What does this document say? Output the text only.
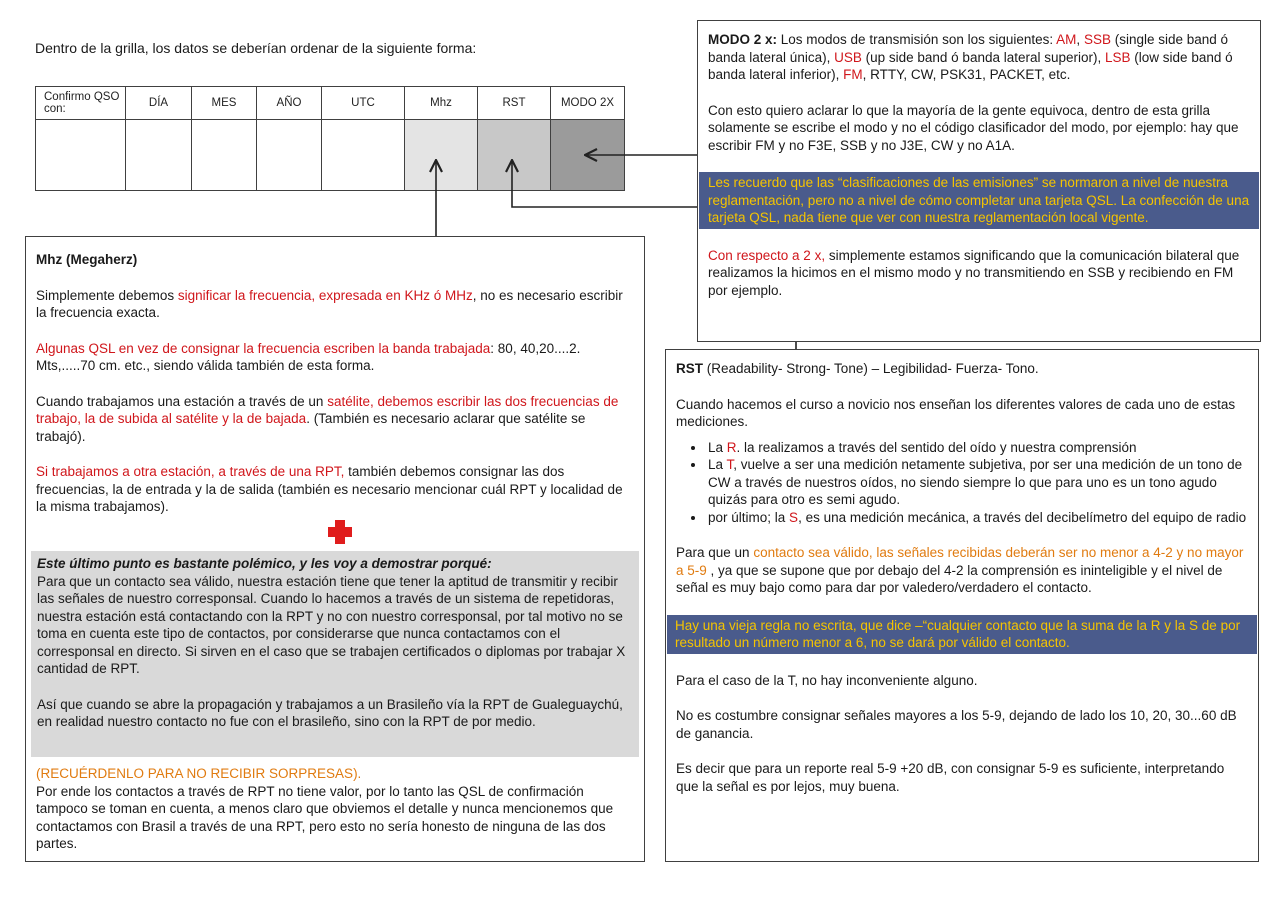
Dentro de la grilla, los datos se deberían ordenar de la siguiente forma:
Confirmo QSO con:	DÍA	MES	AÑO	UTC	Mhz	RST	MODO 2X

MODO 2 x: Los modos de transmisión son los siguientes: AM, SSB (single side band ó banda lateral única), USB (up side band ó banda lateral superior), LSB (low side band ó banda lateral inferior), FM, RTTY, CW, PSK31, PACKET, etc.

Con esto quiero aclarar lo que la mayoría de la gente equivoca, dentro de esta grilla solamente se escribe el modo y no el código clasificador del modo, por ejemplo: hay que escribir FM y no F3E, SSB y no J3E, CW y no A1A.

Les recuerdo que las “clasificaciones de las emisiones” se normaron a nivel de nuestra reglamentación, pero no a nivel de cómo completar una tarjeta QSL. La confección de una tarjeta QSL, nada tiene que ver con nuestra reglamentación local vigente.

Con respecto a 2 x, simplemente estamos significando que la comunicación bilateral que realizamos la hicimos en el mismo modo y no transmitiendo en SSB y recibiendo en FM por ejemplo.

Mhz (Megaherz)

Simplemente debemos significar la frecuencia, expresada en KHz ó MHz, no es necesario escribir la frecuencia exacta.

Algunas QSL en vez de consignar la frecuencia escriben la banda trabajada: 80, 40,20....2. Mts,.....70 cm. etc., siendo válida también de esta forma.

Cuando trabajamos una estación a través de un satélite, debemos escribir las dos frecuencias de trabajo, la de subida al satélite y la de bajada. (También es necesario aclarar que satélite se trabajó).

Si trabajamos a otra estación, a través de una RPT, también debemos consignar las dos frecuencias, la de entrada y la de salida (también es necesario mencionar cuál RPT y localidad de la misma trabajamos).

Este último punto es bastante polémico, y les voy a demostrar porqué:

Para que un contacto sea válido, nuestra estación tiene que tener la aptitud de transmitir y recibir las señales de nuestro corresponsal. Cuando lo hacemos a través de un sistema de repetidoras, nuestra estación está contactando con la RPT y no con nuestro corresponsal, por tal motivo no se toma en cuenta este tipo de contactos, por considerarse que nunca contactamos con el corresponsal en directo. Si sirven en el caso que se trabajen certificados o diplomas por trabajar X cantidad de RPT.

Así que cuando se abre la propagación y trabajamos a un Brasileño vía la RPT de Gualeguaychú, en realidad nuestro contacto no fue con el brasileño, sino con la RPT de por medio.

(RECUÉRDENLO PARA NO RECIBIR SORPRESAS).

Por ende los contactos a través de RPT no tiene valor, por lo tanto las QSL de confirmación tampoco se toman en cuenta, a menos claro que obviemos el detalle y nunca mencionemos que contactamos con Brasil a través de una RPT, pero esto no sería honesto de ninguna de las dos partes.

RST (Readability- Strong- Tone) – Legibilidad- Fuerza- Tono.

Cuando hacemos el curso a novicio nos enseñan los diferentes valores de cada uno de estas mediciones.

• La R. la realizamos a través del sentido del oído y nuestra comprensión
• La T, vuelve a ser una medición netamente subjetiva, por ser una medición de un tono de CW a través de nuestros oídos, no siendo siempre lo que para uno es un tono agudo quizás para otro es semi agudo.
• por último; la S, es una medición mecánica, a través del decibelímetro del equipo de radio

Para que un contacto sea válido, las señales recibidas deberán ser no menor a 4-2 y no mayor a 5-9 , ya que se supone que por debajo del 4-2 la comprensión es ininteligible y el nivel de señal es muy bajo como para dar por valedero/verdadero el contacto.

Hay una vieja regla no escrita, que dice –“cualquier contacto que la suma de la R y la S de por resultado un número menor a 6, no se dará por válido el contacto.

Para el caso de la T, no hay inconveniente alguno.

No es costumbre consignar señales mayores a los 5-9, dejando de lado los 10, 20, 30...60 dB de ganancia.

Es decir que para un reporte real 5-9 +20 dB, con consignar 5-9 es suficiente, interpretando que la señal es por lejos, muy buena.
